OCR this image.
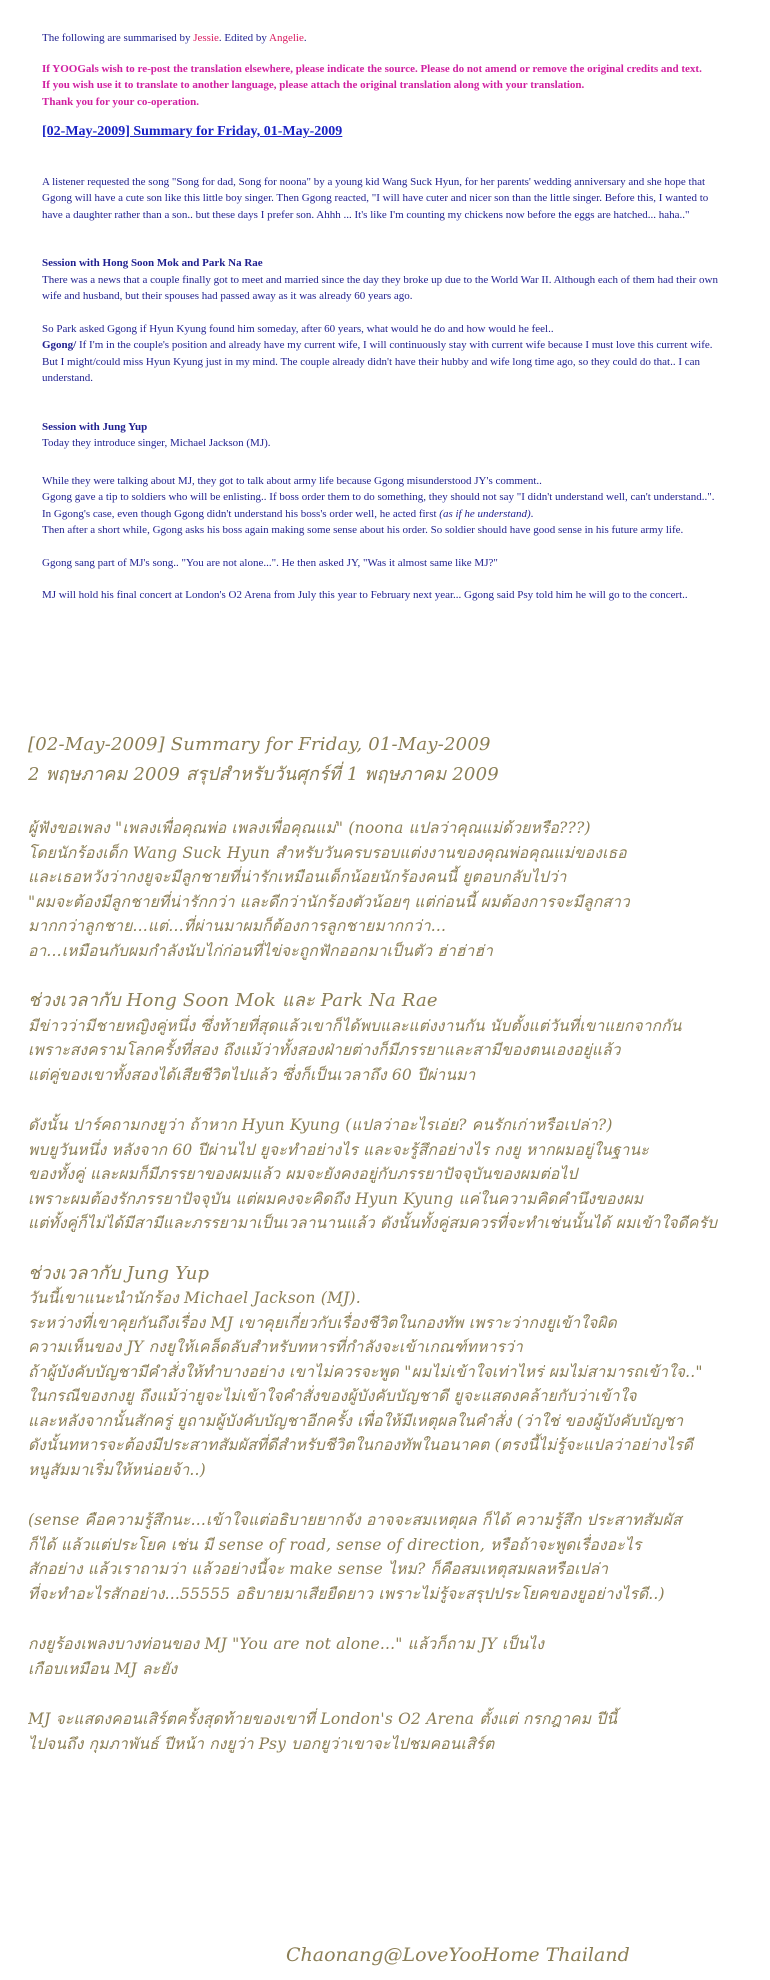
The following are summarised by Jessie. Edited by Angelie.
If YOOGals wish to re-post the translation elsewhere, please indicate the source. Please do not amend or remove the original credits and text.
If you wish use it to translate to another language, please attach the original translation along with your translation.
Thank you for your co-operation.
[02-May-2009] Summary for Friday, 01-May-2009
A listener requested the song "Song for dad, Song for noona" by a young kid Wang Suck Hyun, for her parents' wedding anniversary and she hope that
Ggong will have a cute son like this little boy singer. Then Ggong reacted, "I will have cuter and nicer son than the little singer. Before this, I wanted to
have a daughter rather than a son.. but these days I prefer son. Ahhh ... It's like I'm counting my chickens now before the eggs are hatched... haha.."
Session with Hong Soon Mok and Park Na Rae
There was a news that a couple finally got to meet and married since the day they broke up due to the World War II. Although each of them had their own
wife and husband, but their spouses had passed away as it was already 60 years ago.
So Park asked Ggong if Hyun Kyung found him someday, after 60 years, what would he do and how would he feel..
Ggong/ If I'm in the couple's position and already have my current wife, I will continuously stay with current wife because I must love this current wife.
But I might/could miss Hyun Kyung just in my mind. The couple already didn't have their hubby and wife long time ago, so they could do that.. I can
understand.
Session with Jung Yup
Today they introduce singer, Michael Jackson (MJ).
While they were talking about MJ, they got to talk about army life because Ggong misunderstood JY's comment..
Ggong gave a tip to soldiers who will be enlisting.. If boss order them to do something, they should not say "I didn't understand well, can't understand..".
In Ggong's case, even though Ggong didn't understand his boss's order well, he acted first (as if he understand).
Then after a short while, Ggong asks his boss again making some sense about his order. So soldier should have good sense in his future army life.
Ggong sang part of MJ's song.. "You are not alone...". He then asked JY, "Was it almost same like MJ?"
MJ will hold his final concert at London's O2 Arena from July this year to February next year... Ggong said Psy told him he will go to the concert..
[02-May-2009] Summary for Friday, 01-May-2009
2 พฤษภาคม 2009 สรุปสำหรับวันศุกร์ที่ 1 พฤษภาคม 2009
ผู้ฟังขอเพลง "เพลงเพื่อคุณพ่อ เพลงเพื่อคุณแม่" (noona แปลว่าคุณแม่ด้วยหรือ???)
โดยนักร้องเด็ก Wang Suck Hyun สำหรับวันครบรอบแต่งงานของคุณพ่อคุณแม่ของเธอ
และเธอหวังว่ากงยูจะมีลูกชายที่น่ารักเหมือนเด็กน้อยนักร้องคนนี้ ยูตอบกลับไปว่า
"ผมจะต้องมีลูกชายที่น่ารักกว่า และดีกว่านักร้องตัวน้อยๆ แต่ก่อนนี้ ผมต้องการจะมีลูกสาว
มากกว่าลูกชาย...แต่...ที่ผ่านมาผมก็ต้องการลูกชายมากกว่า...
อา...เหมือนกับผมกำลังนับไก่ก่อนที่ไข่จะถูกฟักออกมาเป็นตัว ฮ่าฮ่าฮ่า
ช่วงเวลากับ Hong Soon Mok และ Park Na Rae
มีข่าวว่ามีชายหญิงคู่หนึ่ง ซึ่งท้ายที่สุดแล้วเขาก็ได้พบและแต่งงานกัน นับตั้งแต่วันที่เขาแยกจากกัน
เพราะสงครามโลกครั้งที่สอง ถึงแม้ว่าทั้งสองฝ่ายต่างก็มีภรรยาและสามีของตนเองอยู่แล้ว
แต่คู่ของเขาทั้งสองได้เสียชีวิตไปแล้ว ซึ่งก็เป็นเวลาถึง 60 ปีผ่านมา
ดังนั้น ปาร์คถามกงยูว่า ถ้าหาก Hyun Kyung (แปลว่าอะไรเอ่ย? คนรักเก่าหรือเปล่า?)
พบยูวันหนึ่ง หลังจาก 60 ปีผ่านไป ยูจะทำอย่างไร และจะรู้สึกอย่างไร กงยู หากผมอยู่ในฐานะ
ของทั้งคู่ และผมก็มีภรรยาของผมแล้ว ผมจะยังคงอยู่กับภรรยาปัจจุบันของผมต่อไป
เพราะผมต้องรักภรรยาปัจจุบัน แต่ผมคงจะคิดถึง Hyun Kyung แค่ในความคิดคำนึงของผม
แต่ทั้งคู่ก็ไม่ได้มีสามีและภรรยามาเป็นเวลานานแล้ว ดังนั้นทั้งคู่สมควรที่จะทำเช่นนั้นได้ ผมเข้าใจดีครับ
ช่วงเวลากับ Jung Yup
วันนี้เขาแนะนำนักร้อง Michael Jackson (MJ).
ระหว่างที่เขาคุยกันถึงเรื่อง MJ เขาคุยเกี่ยวกับเรื่องชีวิตในกองทัพ เพราะว่ากงยูเข้าใจผิด
ความเห็นของ JY กงยูให้เคล็ดลับสำหรับทหารที่กำลังจะเข้าเกณฑ์ทหารว่า
ถ้าผู้บังคับบัญชามีคำสั่งให้ทำบางอย่าง เขาไม่ควรจะพูด "ผมไม่เข้าใจเท่าไหร่ ผมไม่สามารถเข้าใจ.."
ในกรณีของกงยู ถึงแม้ว่ายูจะไม่เข้าใจคำสั่งของผู้บังคับบัญชาดี ยูจะแสดงคล้ายกับว่าเข้าใจ
และหลังจากนั้นสักครู่ ยูถามผู้บังคับบัญชาอีกครั้ง เพื่อให้มีเหตุผลในคำสั่ง (ว่าใช่ ของผู้บังคับบัญชา
ดังนั้นทหารจะต้องมีประสาทสัมผัสที่ดีสำหรับชีวิตในกองทัพในอนาคต (ตรงนี้ไม่รู้จะแปลว่าอย่างไรดี
หนูสัมมาเริ่มให้หน่อยจ้า..)
(sense คือความรู้สึกนะ...เข้าใจแต่อธิบายยากจัง อาจจะสมเหตุผล ก็ได้ ความรู้สึก ประสาทสัมผัส
ก็ได้ แล้วแต่ประโยค เช่น มี sense of road, sense of direction, หรือถ้าจะพูดเรื่องอะไร
สักอย่าง แล้วเราถามว่า แล้วอย่างนี้จะ make sense ไหม? ก็คือสมเหตุสมผลหรือเปล่า
ที่จะทำอะไรสักอย่าง...55555 อธิบายมาเสียยืดยาว เพราะไม่รู้จะสรุปประโยคของยูอย่างไรดี..)
กงยูร้องเพลงบางท่อนของ MJ "You are not alone..." แล้วก็ถาม JY เป็นไง
เกือบเหมือน MJ ละยัง
MJ จะแสดงคอนเสิร์ตครั้งสุดท้ายของเขาที่ London's O2 Arena ตั้งแต่ กรกฎาคม ปีนี้
ไปจนถึง กุมภาพันธ์ ปีหน้า กงยูว่า Psy บอกยูว่าเขาจะไปชมคอนเสิร์ต
Chaonang@LoveYooHome Thailand
